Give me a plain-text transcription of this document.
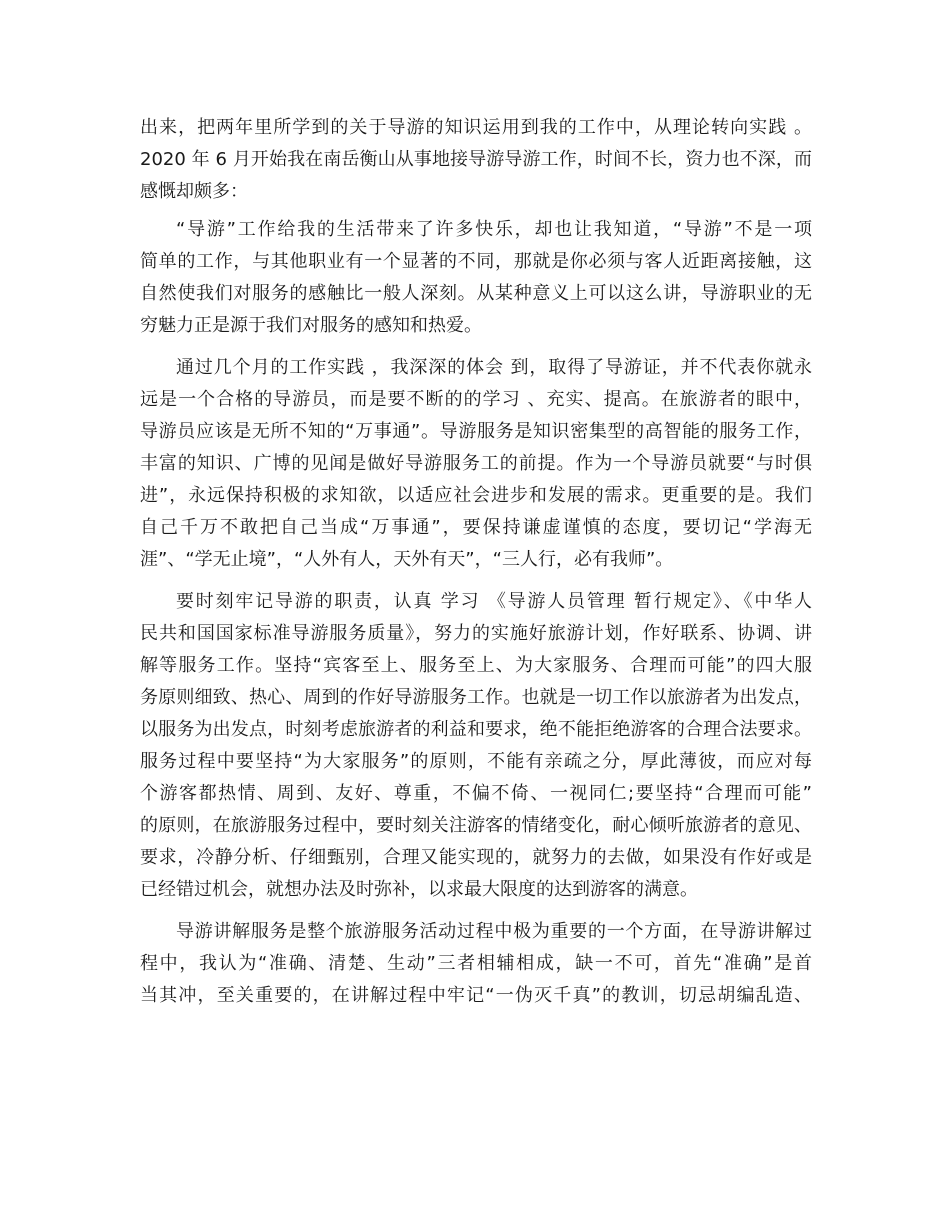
出来，把两年里所学到的关于导游的知识运用到我的工作中，从理论转向实践 。
2020 年 6 月开始我在南岳衡山从事地接导游导游工作，时间不长，资力也不深，而
感慨却颇多：
“导游”工作给我的生活带来了许多快乐，却也让我知道，“导游”不是一项
简单的工作，与其他职业有一个显著的不同，那就是你必须与客人近距离接触，这
自然使我们对服务的感触比一般人深刻。从某种意义上可以这么讲，导游职业的无
穷魅力正是源于我们对服务的感知和热爱。
通过几个月的工作实践 ，我深深的体会 到，取得了导游证，并不代表你就永
远是一个合格的导游员，而是要不断的的学习 、充实、提高。在旅游者的眼中，
导游员应该是无所不知的“万事通”。导游服务是知识密集型的高智能的服务工作，
丰富的知识、广博的见闻是做好导游服务工的前提。作为一个导游员就要“与时俱
进”，永远保持积极的求知欲，以适应社会进步和发展的需求。更重要的是。我们
自己千万不敢把自己当成“万事通”，要保持谦虚谨慎的态度，要切记“学海无
涯”、“学无止境”，“人外有人，天外有天”，“三人行，必有我师”。
要时刻牢记导游的职责，认真 学习 《导游人员管理 暂行规定》、《中华人
民共和国国家标准导游服务质量》，努力的实施好旅游计划，作好联系、协调、讲
解等服务工作。坚持“宾客至上、服务至上、为大家服务、合理而可能”的四大服
务原则细致、热心、周到的作好导游服务工作。也就是一切工作以旅游者为出发点，
以服务为出发点，时刻考虑旅游者的利益和要求，绝不能拒绝游客的合理合法要求。
服务过程中要坚持“为大家服务”的原则，不能有亲疏之分，厚此薄彼，而应对每
个游客都热情、周到、友好、尊重，不偏不倚、一视同仁;要坚持“合理而可能”
的原则，在旅游服务过程中，要时刻关注游客的情绪变化，耐心倾听旅游者的意见、
要求，冷静分析、仔细甄别，合理又能实现的，就努力的去做，如果没有作好或是
已经错过机会，就想办法及时弥补，以求最大限度的达到游客的满意。
导游讲解服务是整个旅游服务活动过程中极为重要的一个方面，在导游讲解过
程中，我认为“准确、清楚、生动”三者相辅相成，缺一不可，首先“准确”是首
当其冲，至关重要的，在讲解过程中牢记“一伪灭千真”的教训，切忌胡编乱造、
